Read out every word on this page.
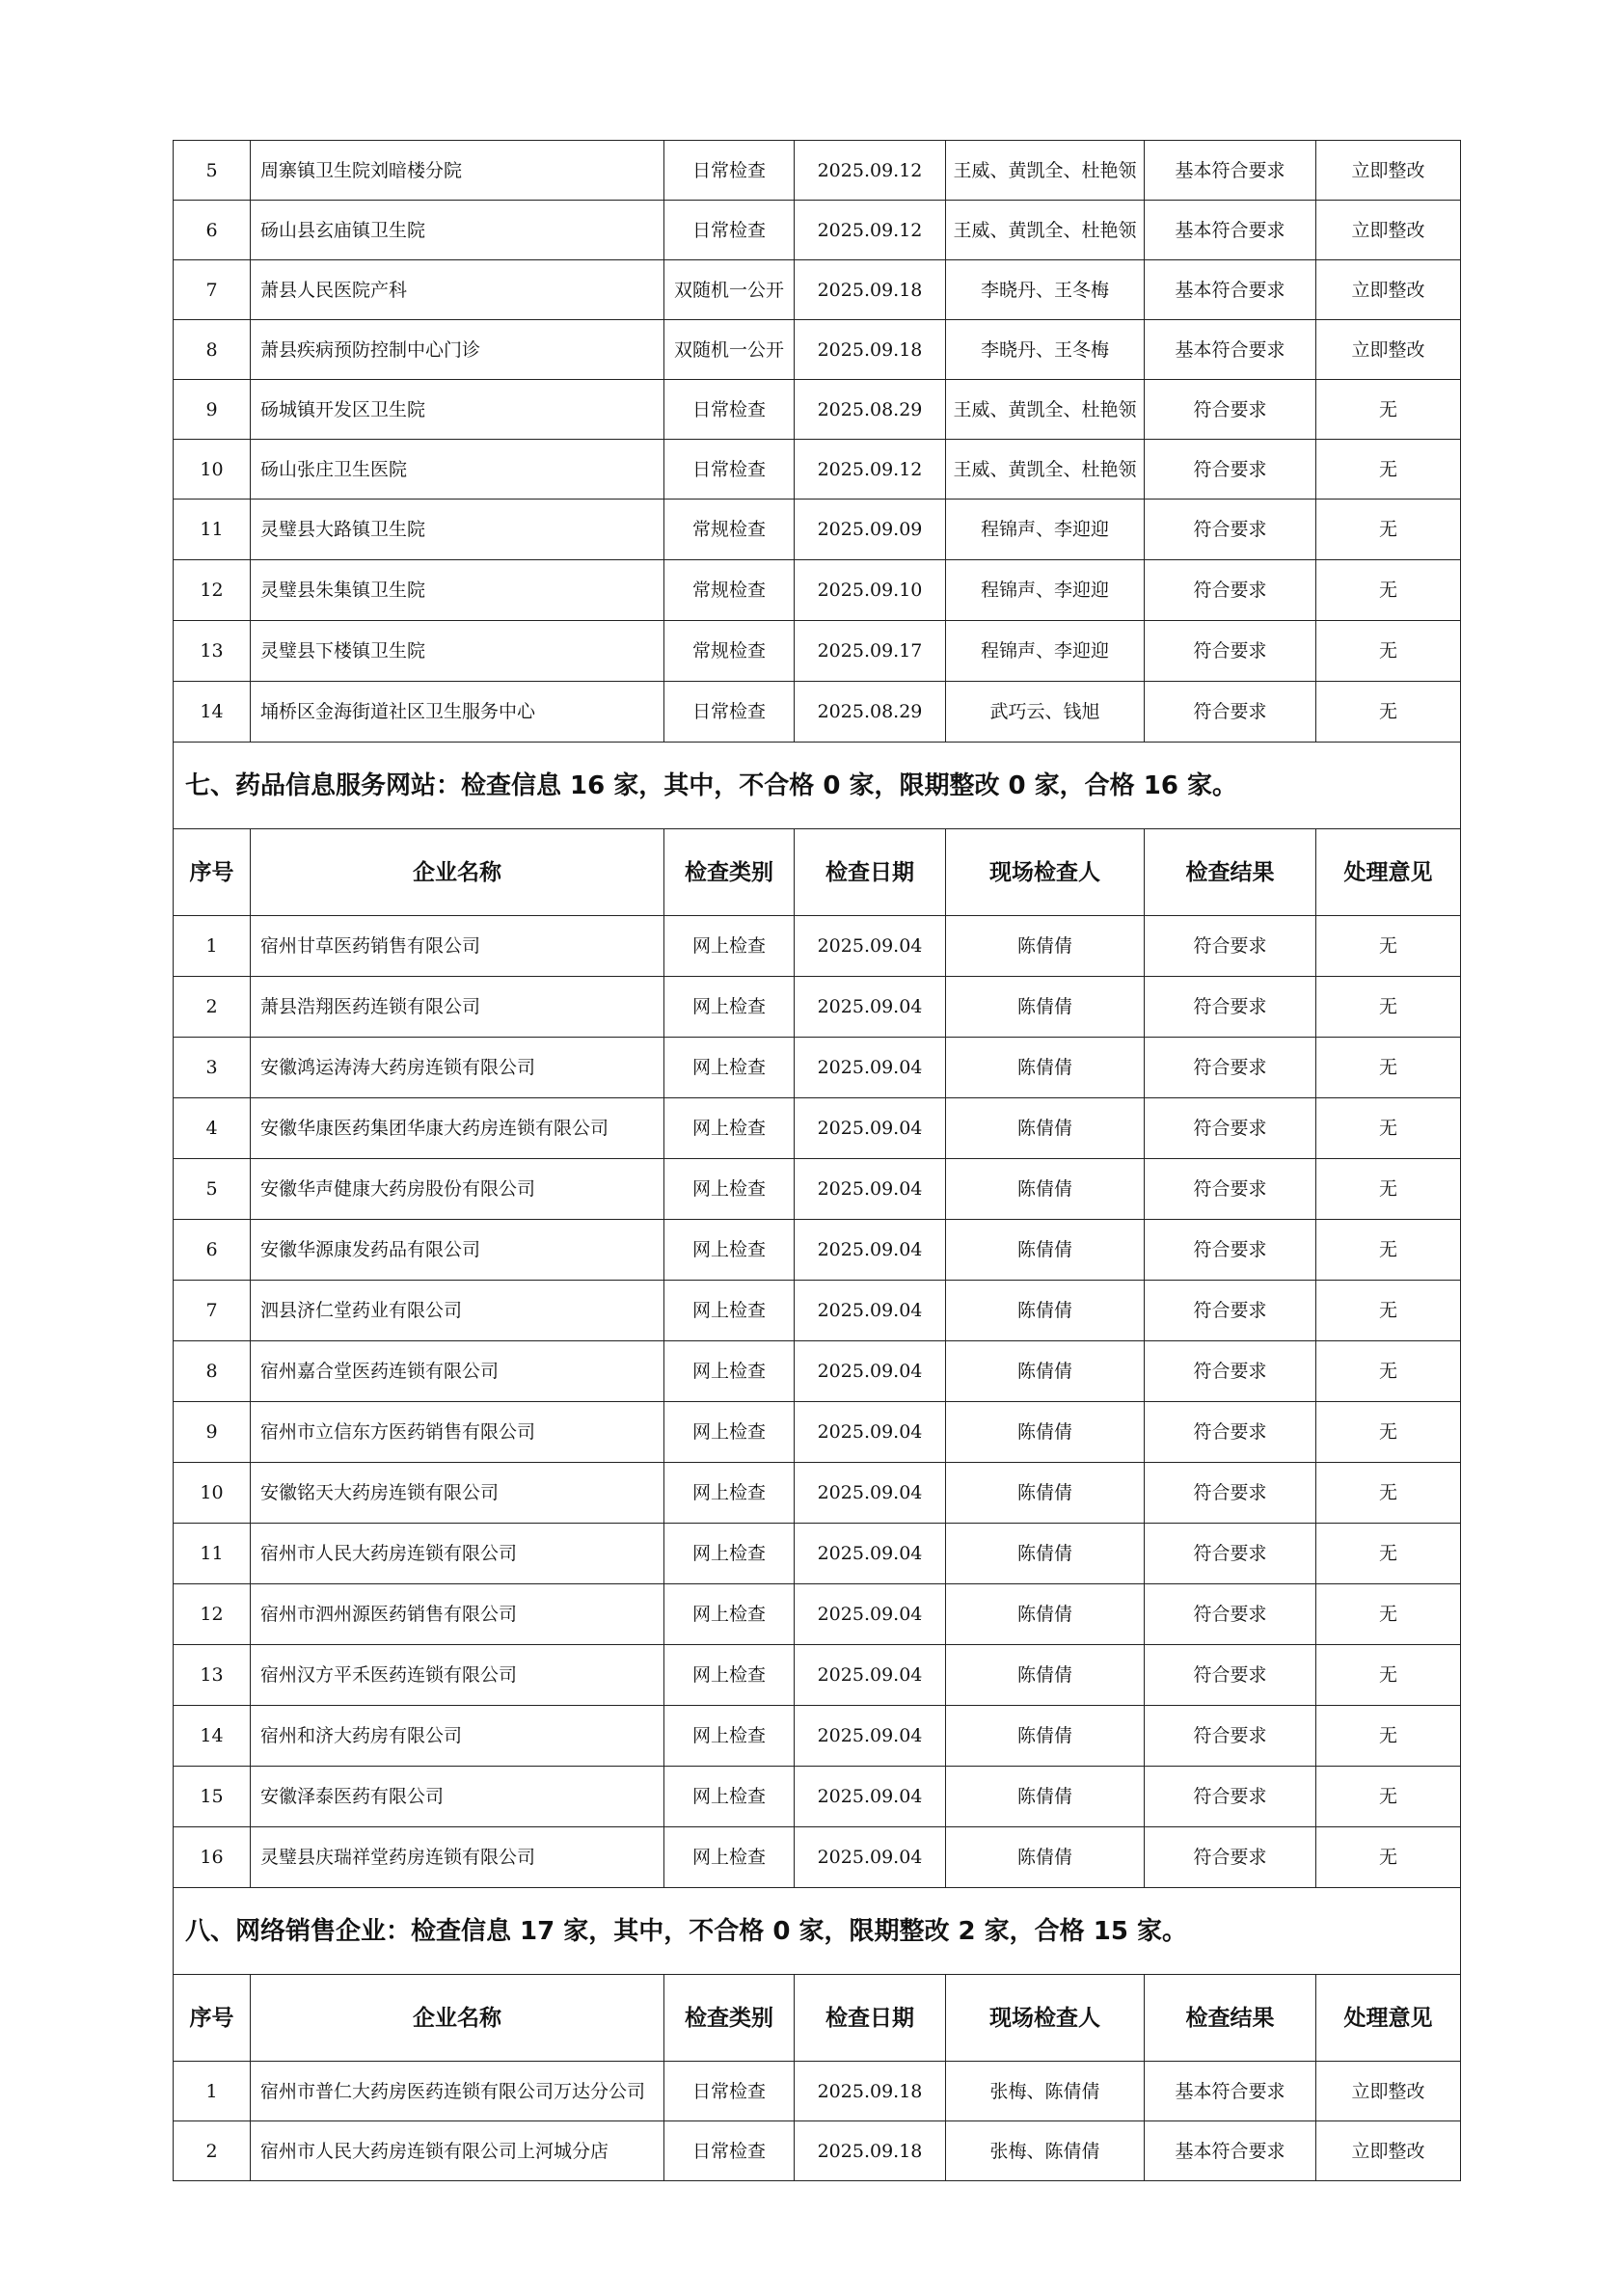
5	周寨镇卫生院刘暗楼分院	日常检查	2025.09.12	王威、黄凯全、杜艳领	基本符合要求	立即整改
6	砀山县玄庙镇卫生院	日常检查	2025.09.12	王威、黄凯全、杜艳领	基本符合要求	立即整改
7	萧县人民医院产科	双随机一公开	2025.09.18	李晓丹、王冬梅	基本符合要求	立即整改
8	萧县疾病预防控制中心门诊	双随机一公开	2025.09.18	李晓丹、王冬梅	基本符合要求	立即整改
9	砀城镇开发区卫生院	日常检查	2025.08.29	王威、黄凯全、杜艳领	符合要求	无
10	砀山张庄卫生医院	日常检查	2025.09.12	王威、黄凯全、杜艳领	符合要求	无
11	灵璧县大路镇卫生院	常规检查	2025.09.09	程锦声、李迎迎	符合要求	无
12	灵璧县朱集镇卫生院	常规检查	2025.09.10	程锦声、李迎迎	符合要求	无
13	灵璧县下楼镇卫生院	常规检查	2025.09.17	程锦声、李迎迎	符合要求	无
14	埇桥区金海街道社区卫生服务中心	日常检查	2025.08.29	武巧云、钱旭	符合要求	无
七、药品信息服务网站：检查信息 16 家，其中，不合格 0 家，限期整改 0 家，合格 16 家。						
序号	企业名称	检查类别	检查日期	现场检查人	检查结果	处理意见
1	宿州甘草医药销售有限公司	网上检查	2025.09.04	陈倩倩	符合要求	无
2	萧县浩翔医药连锁有限公司	网上检查	2025.09.04	陈倩倩	符合要求	无
3	安徽鸿运涛涛大药房连锁有限公司	网上检查	2025.09.04	陈倩倩	符合要求	无
4	安徽华康医药集团华康大药房连锁有限公司	网上检查	2025.09.04	陈倩倩	符合要求	无
5	安徽华声健康大药房股份有限公司	网上检查	2025.09.04	陈倩倩	符合要求	无
6	安徽华源康发药品有限公司	网上检查	2025.09.04	陈倩倩	符合要求	无
7	泗县济仁堂药业有限公司	网上检查	2025.09.04	陈倩倩	符合要求	无
8	宿州嘉合堂医药连锁有限公司	网上检查	2025.09.04	陈倩倩	符合要求	无
9	宿州市立信东方医药销售有限公司	网上检查	2025.09.04	陈倩倩	符合要求	无
10	安徽铭天大药房连锁有限公司	网上检查	2025.09.04	陈倩倩	符合要求	无
11	宿州市人民大药房连锁有限公司	网上检查	2025.09.04	陈倩倩	符合要求	无
12	宿州市泗州源医药销售有限公司	网上检查	2025.09.04	陈倩倩	符合要求	无
13	宿州汉方平禾医药连锁有限公司	网上检查	2025.09.04	陈倩倩	符合要求	无
14	宿州和济大药房有限公司	网上检查	2025.09.04	陈倩倩	符合要求	无
15	安徽泽泰医药有限公司	网上检查	2025.09.04	陈倩倩	符合要求	无
16	灵璧县庆瑞祥堂药房连锁有限公司	网上检查	2025.09.04	陈倩倩	符合要求	无
八、网络销售企业：检查信息 17 家，其中，不合格 0 家，限期整改 2 家，合格 15 家。						
序号	企业名称	检查类别	检查日期	现场检查人	检查结果	处理意见
1	宿州市普仁大药房医药连锁有限公司万达分公司	日常检查	2025.09.18	张梅、陈倩倩	基本符合要求	立即整改
2	宿州市人民大药房连锁有限公司上河城分店	日常检查	2025.09.18	张梅、陈倩倩	基本符合要求	立即整改
